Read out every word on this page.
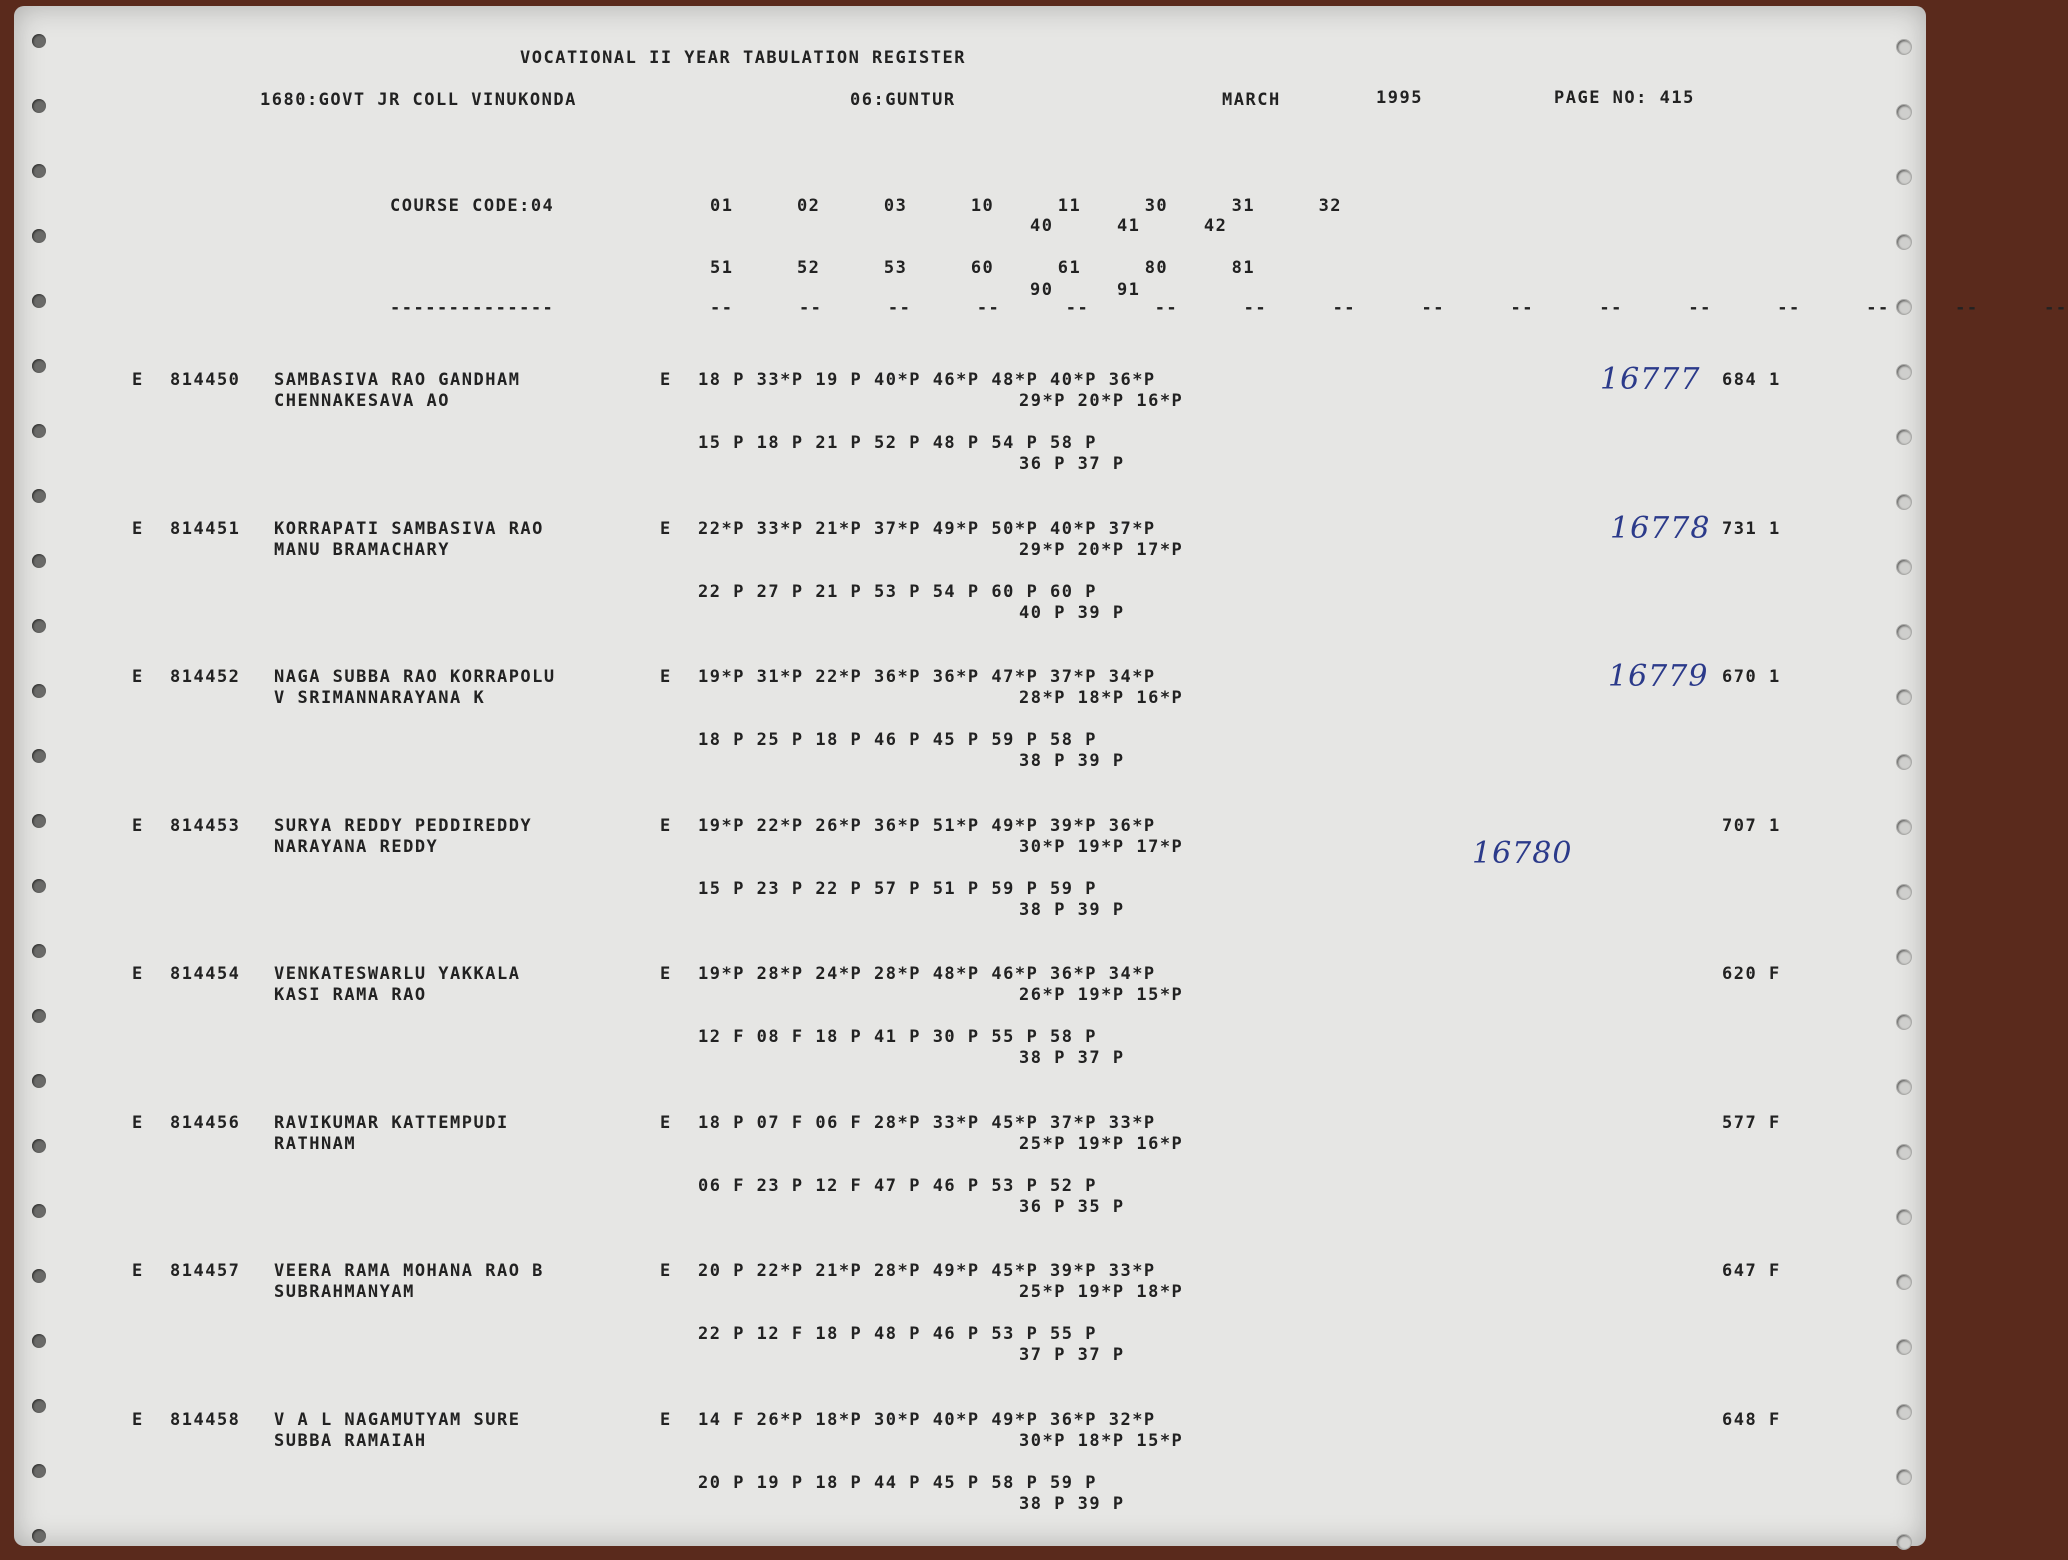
VOCATIONAL II YEAR TABULATION REGISTER
1680:GOVT JR COLL VINUKONDA	06:GUNTUR	MARCH	1995	PAGE NO: 415
COURSE CODE:04	01  02  03  10  11  30  31  32
40  41  42
51  52  53  60  61  80  81
90  91
--------------	--  --  --  --  --  --  --  --  --  --  --  --  --  --  --  --
E 814450 SAMBASIVA RAO GANDHAM
CHENNAKESAVA AO
E 18 P 33*P 19 P 40*P 46*P 48*P 40*P 36*P
29*P 20*P 16*P
15 P 18 P 21 P 52 P 48 P 54 P 58 P
36 P 37 P
684 1
16777
E 814451 KORRAPATI SAMBASIVA RAO
MANU BRAMACHARY
E 22*P 33*P 21*P 37*P 49*P 50*P 40*P 37*P
29*P 20*P 17*P
22 P 27 P 21 P 53 P 54 P 60 P 60 P
40 P 39 P
731 1
16778
E 814452 NAGA SUBBA RAO KORRAPOLU
V SRIMANNARAYANA K
E 19*P 31*P 22*P 36*P 36*P 47*P 37*P 34*P
28*P 18*P 16*P
18 P 25 P 18 P 46 P 45 P 59 P 58 P
38 P 39 P
670 1
16779
E 814453 SURYA REDDY PEDDIREDDY
NARAYANA REDDY
E 19*P 22*P 26*P 36*P 51*P 49*P 39*P 36*P
30*P 19*P 17*P
15 P 23 P 22 P 57 P 51 P 59 P 59 P
38 P 39 P
707 1
16780
E 814454 VENKATESWARLU YAKKALA
KASI RAMA RAO
E 19*P 28*P 24*P 28*P 48*P 46*P 36*P 34*P
26*P 19*P 15*P
12 F 08 F 18 P 41 P 30 P 55 P 58 P
38 P 37 P
620 F
E 814456 RAVIKUMAR KATTEMPUDI
RATHNAM
E 18 P 07 F 06 F 28*P 33*P 45*P 37*P 33*P
25*P 19*P 16*P
06 F 23 P 12 F 47 P 46 P 53 P 52 P
36 P 35 P
577 F
E 814457 VEERA RAMA MOHANA RAO B
SUBRAHMANYAM
E 20 P 22*P 21*P 28*P 49*P 45*P 39*P 33*P
25*P 19*P 18*P
22 P 12 F 18 P 48 P 46 P 53 P 55 P
37 P 37 P
647 F
E 814458 V A L NAGAMUTYAM SURE
SUBBA RAMAIAH
E 14 F 26*P 18*P 30*P 40*P 49*P 36*P 32*P
30*P 18*P 15*P
20 P 19 P 18 P 44 P 45 P 58 P 59 P
38 P 39 P
648 F
